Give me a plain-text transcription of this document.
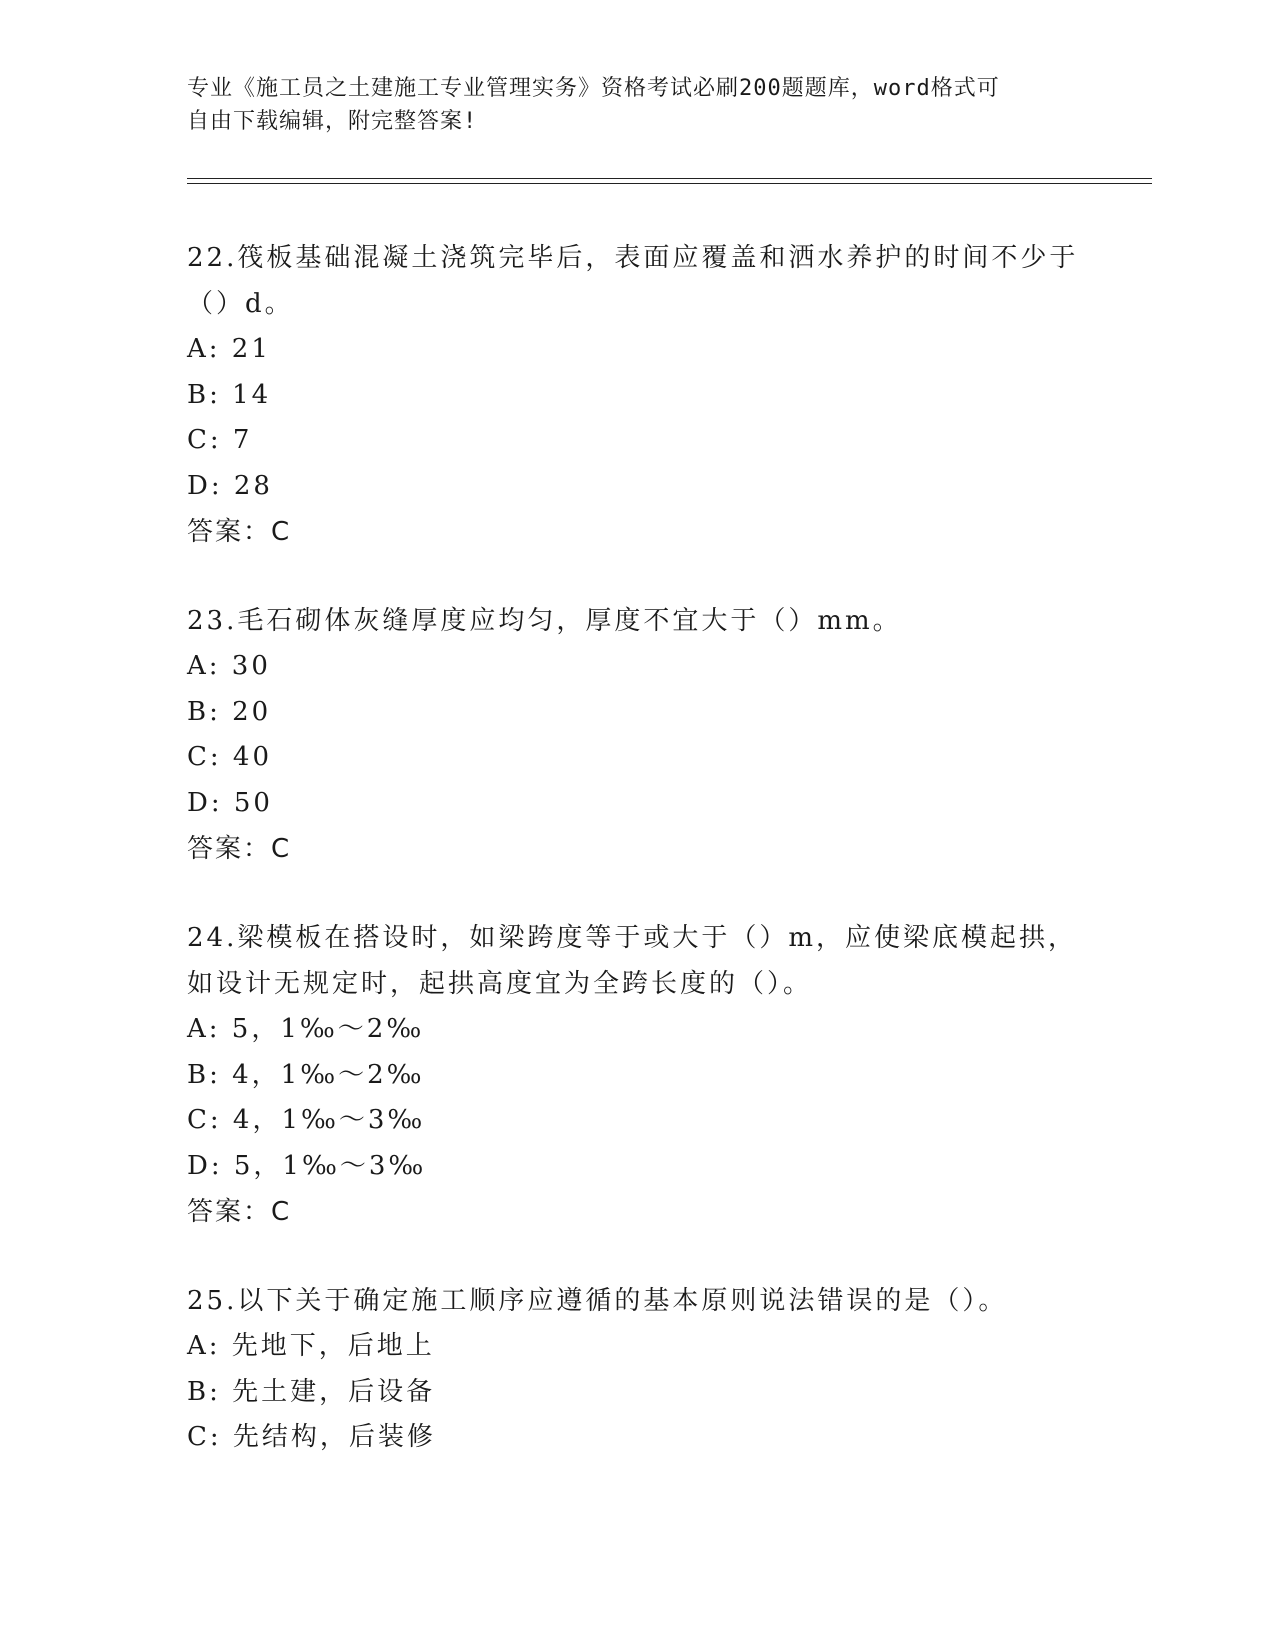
专业《施工员之土建施工专业管理实务》资格考试必刷200题题库，word格式可
自由下载编辑，附完整答案!
22.筏板基础混凝土浇筑完毕后，表面应覆盖和洒水养护的时间不少于
（）d。
A: 21
B: 14
C: 7
D: 28
答案：C
23.毛石砌体灰缝厚度应均匀，厚度不宜大于（）mm。
A: 30
B: 20
C: 40
D: 50
答案：C
24.梁模板在搭设时，如梁跨度等于或大于（）m，应使梁底模起拱，
如设计无规定时，起拱高度宜为全跨长度的（）。
A: 5，1‰～2‰
B: 4，1‰～2‰
C: 4，1‰～3‰
D: 5，1‰～3‰
答案：C
25.以下关于确定施工顺序应遵循的基本原则说法错误的是（）。
A: 先地下，后地上
B: 先土建，后设备
C: 先结构，后装修
